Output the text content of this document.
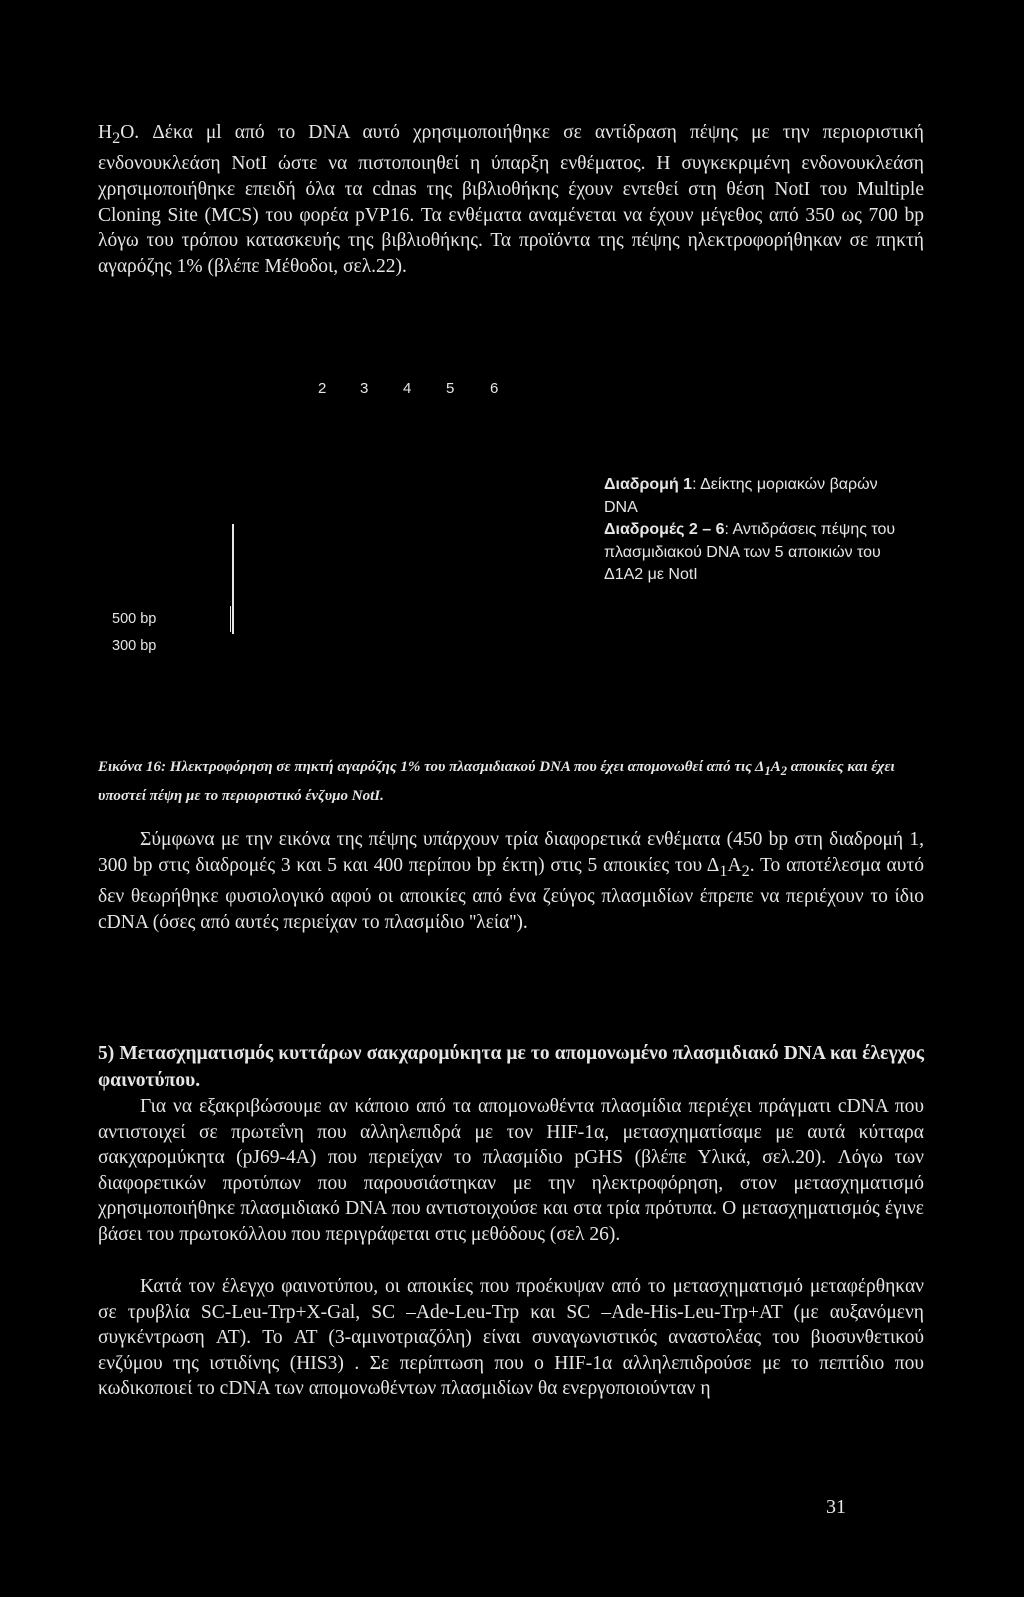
$H_2O$. Δέκα μl από το DNA αυτό χρησιμοποιήθηκε σε αντίδραση πέψης με την περιοριστική ενδονουκλεάση NotI ώστε να πιστοποιηθεί η ύπαρξη ενθέματος. Η συγκεκριμένη ενδονουκλεάση χρησιμοποιήθηκε επειδή όλα τα cdnas της βιβλιοθήκης έχουν εντεθεί στη θέση NotI του Multiple Cloning Site (MCS) του φορέα pVP16. Τα ενθέματα αναμένεται να έχουν μέγεθος από 350 ως 700 bp λόγω του τρόπου κατασκευής της βιβλιοθήκης. Τα προϊόντα της πέψης ηλεκτροφορήθηκαν σε πηκτή αγαρόζης 1% (βλέπε Μέθοδοι, σελ.22).

2 3 4 5 6
500 bp
300 bp

Διαδρομή 1: Δείκτης μοριακών βαρών DNA
Διαδρομές 2 – 6: Αντιδράσεις πέψης του πλασμιδιακού DNA των 5 αποικιών του Δ1Α2 με NotI

Εικόνα 16: Ηλεκτροφόρηση σε πηκτή αγαρόζης 1% του πλασμιδιακού DNA που έχει απομονωθεί από τις $\Delta_1A_2$ αποικίες και έχει υποστεί πέψη με το περιοριστικό ένζυμο NotI.

Σύμφωνα με την εικόνα της πέψης υπάρχουν τρία διαφορετικά ενθέματα (450 bp στη διαδρομή 1, 300 bp στις διαδρομές 3 και 5 και 400 περίπου bp έκτη) στις 5 αποικίες του $\Delta_1A_2$. Το αποτέλεσμα αυτό δεν θεωρήθηκε φυσιολογικό αφού οι αποικίες από ένα ζεύγος πλασμιδίων έπρεπε να περιέχουν το ίδιο cDNA (όσες από αυτές περιείχαν το πλασμίδιο ''λεία'').

5) Μετασχηματισμός κυττάρων σακχαρομύκητα με το απομονωμένο πλασμιδιακό DNA και έλεγχος φαινοτύπου.

Για να εξακριβώσουμε αν κάποιο από τα απομονωθέντα πλασμίδια περιέχει πράγματι cDNA που αντιστοιχεί σε πρωτεΐνη που αλληλεπιδρά με τον HIF-1α, μετασχηματίσαμε με αυτά κύτταρα σακχαρομύκητα (pJ69-4A) που περιείχαν το πλασμίδιο pGHS (βλέπε Υλικά, σελ.20). Λόγω των διαφορετικών προτύπων που παρουσιάστηκαν με την ηλεκτροφόρηση, στον μετασχηματισμό χρησιμοποιήθηκε πλασμιδιακό DNA που αντιστοιχούσε και στα τρία πρότυπα. Ο μετασχηματισμός έγινε βάσει του πρωτοκόλλου που περιγράφεται στις μεθόδους (σελ 26).

Κατά τον έλεγχο φαινοτύπου, οι αποικίες που προέκυψαν από το μετασχηματισμό μεταφέρθηκαν σε τρυβλία SC-Leu-Trp+X-Gal, SC –Ade-Leu-Trp και SC –Ade-His-Leu-Trp+AT (με αυξανόμενη συγκέντρωση AT). Το AT (3-αμινοτριαζόλη) είναι συναγωνιστικός αναστολέας του βιοσυνθετικού ενζύμου της ιστιδίνης (HIS3) . Σε περίπτωση που ο HIF-1α αλληλεπιδρούσε με το πεπτίδιο που κωδικοποιεί το cDNA των απομονωθέντων πλασμιδίων θα ενεργοποιούνταν η

31
